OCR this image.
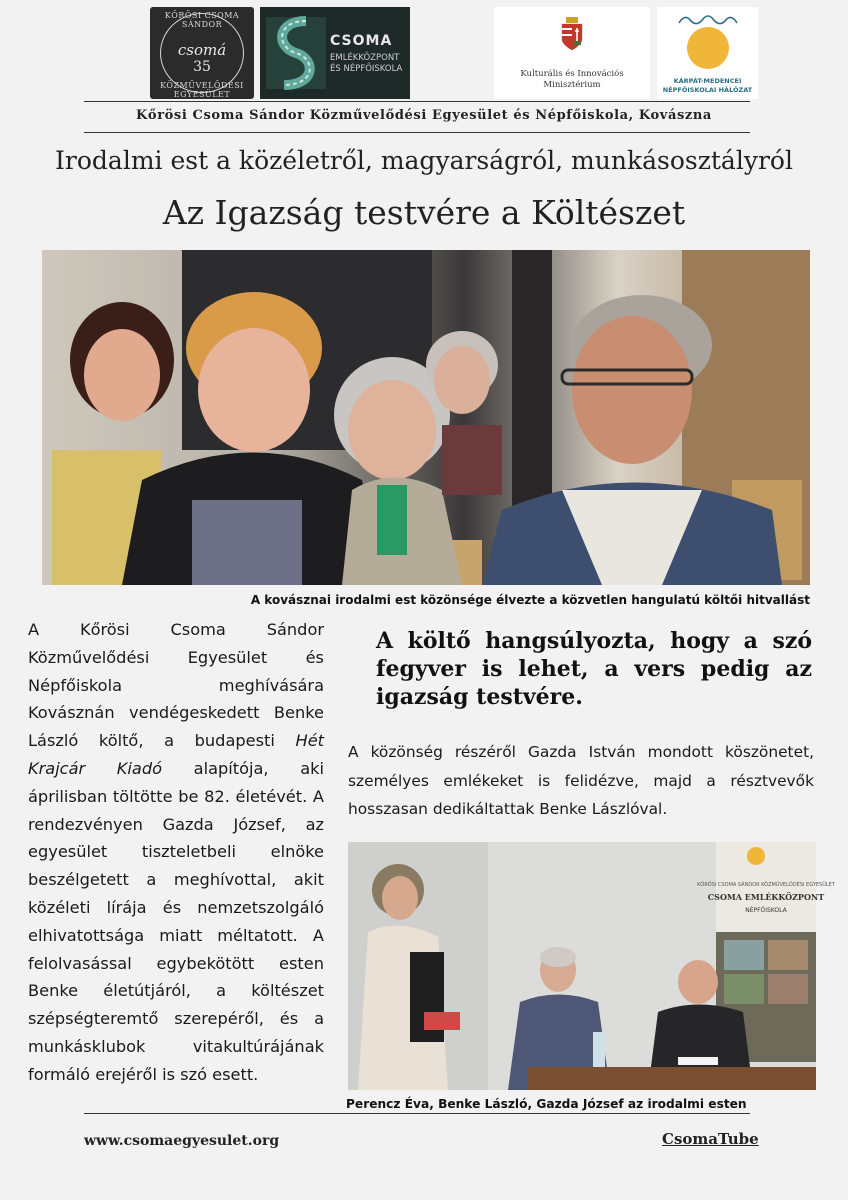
KŐRÖSI CSOMA SÁNDOR
csomá
35
KÖZMŰVELŐDÉSI EGYESÜLET
CSOMA
EMLÉKKÖZPONT
ÉS NÉPFŐISKOLA	Kulturális és Innovációs
Minisztérium	KÁRPÁT-MEDENCEI
NÉPFŐISKOLAI HÁLÓZAT
Kőrösi Csoma Sándor Közművelődési Egyesület és Népfőiskola, Kovászna
Irodalmi est a közéletről, magyarságról, munkásosztályról
Az Igazság testvére a Költészet
A kovásznai irodalmi est közönsége élvezte a közvetlen hangulatú költői hitvallást
A Kőrösi Csoma Sándor Közművelődési Egyesület és Népfőiskola meghívására Kovásznán vendégeskedett Benke László költő, a budapesti Hét Krajcár Kiadó alapítója, aki áprilisban töltötte be 82. életévét. A rendezvényen Gazda József, az egyesület tiszteletbeli elnöke beszélgetett a meghívottal, akit közéleti lírája és nemzetszolgáló elhivatottsága miatt méltatott. A felolvasással egybekötött esten Benke életútjáról, a költészet szépségteremtő szerepéről, és a munkásklubok vitakultúrájának formáló erejéről is szó esett.
A költő hangsúlyozta, hogy a szó fegyver is lehet, a vers pedig az igazság testvére.
A közönség részéről Gazda István mondott köszönetet, személyes emlékeket is felidézve, majd a résztvevők hosszasan dedikáltattak Benke Lászlóval.
KŐRÖSI CSOMA SÁNDOR KÖZMŰVELŐDÉSI EGYESÜLET
CSOMA EMLÉKKÖZPONT
NÉPFŐISKOLA
Perencz Éva, Benke László, Gazda József az irodalmi esten
www.csomaegyesulet.org	CsomaTube
